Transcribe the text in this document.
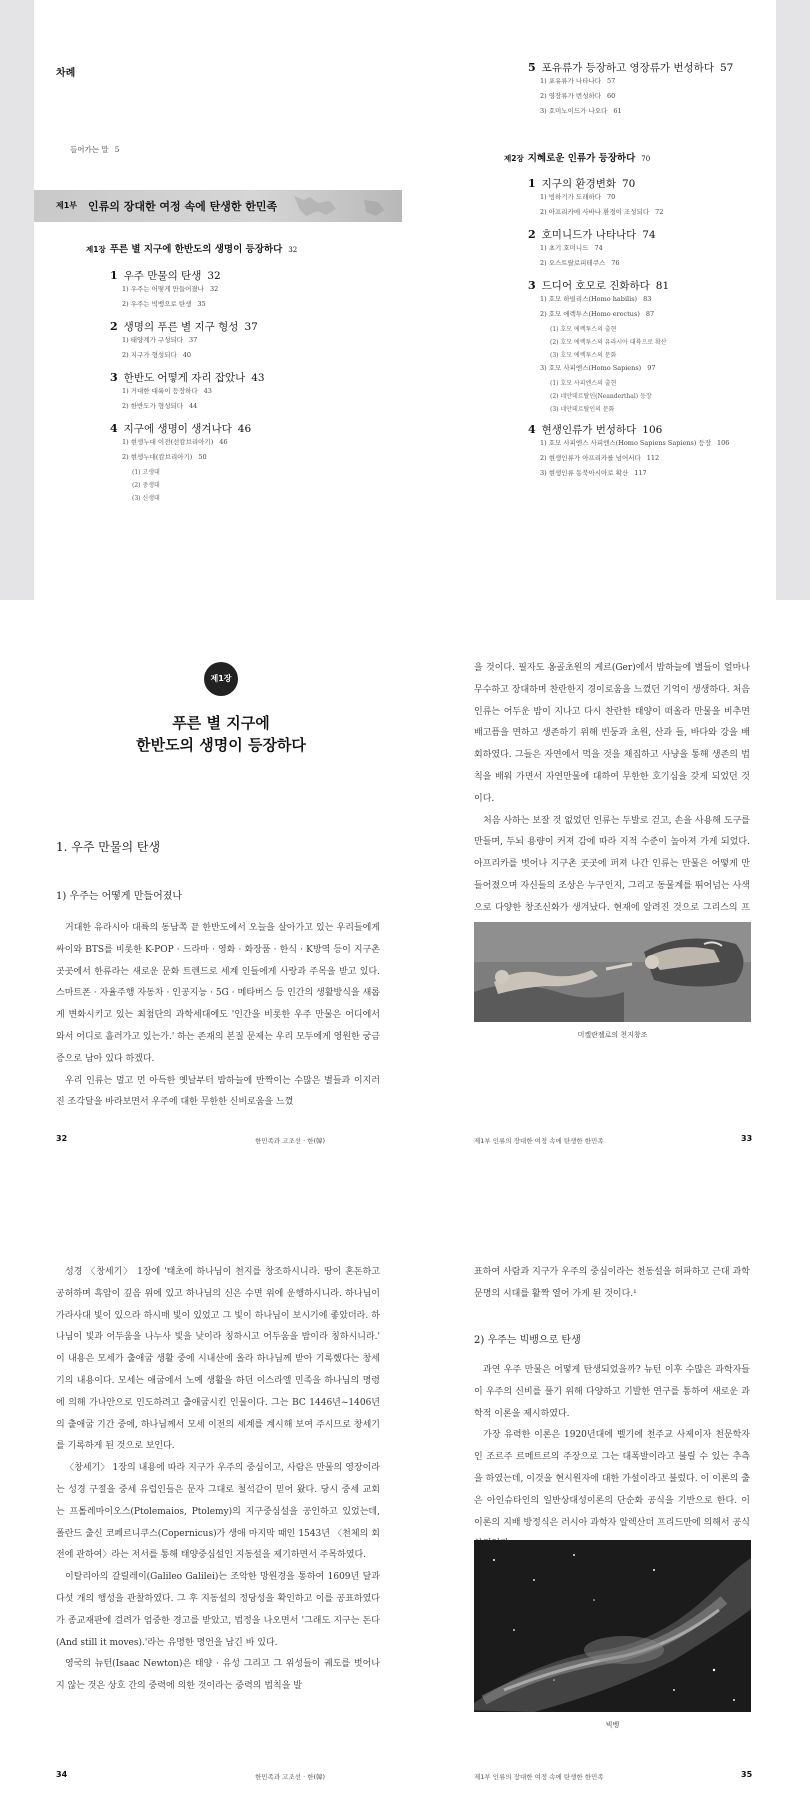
차례
들어가는 말 5
제1부 인류의 장대한 여정 속에 탄생한 한민족
제1장 푸른 별 지구에 한반도의 생명이 등장하다 32
1 우주 만물의 탄생 32
1) 우주는 어떻게 만들어졌나 32
2) 우주는 빅뱅으로 탄생 35
2 생명의 푸른 별 지구 형성 37
1) 태양계가 구성되다 37
2) 지구가 형성되다 40
3 한반도 어떻게 자리 잡았나 43
1) 거대한 대륙이 등장하다 43
2) 한반도가 형성되다 44
4 지구에 생명이 생겨나다 46
1) 현생누대 이전(선캄브리아기) 46
2) 현생누대(캄브리아기) 50
(1) 고생대
(2) 중생대
(3) 신생대
5 포유류가 등장하고 영장류가 번성하다 57
1) 포유류가 나타나다 57
2) 영장류가 번성하다 60
3) 호미노이드가 나오다 61
제2장 지혜로운 인류가 등장하다 70
1 지구의 환경변화 70
1) 빙하기가 도래하다 70
2) 아프리카에 사바나 환경이 조성되다 72
2 호미니드가 나타나다 74
1) 초기 호미니드 74
2) 오스트랄로피테쿠스 76
3 드디어 호모로 진화하다 81
1) 호모 하빌리스(Homo habilis) 83
2) 호모 에렉투스(Homo erectus) 87
(1) 호모 에렉투스의 출현
(2) 호모 에렉투스의 유라시아 대륙으로 확산
(3) 호모 에렉투스의 문화
3) 호모 사피엔스(Homo Sapiens) 97
(1) 호모 사피엔스의 출현
(2) 네안데르탈인(Neanderthal) 등장
(3) 네안데르탈인의 문화
4 현생인류가 번성하다 106
1) 호모 사피엔스 사피엔스(Homo Sapiens Sapiens) 등장 106
2) 현생인류가 아프리카를 넘어서다 112
3) 현생인류 동북아시아로 확산 117
제1장
푸른 별 지구에
한반도의 생명이 등장하다
1. 우주 만물의 탄생
1) 우주는 어떻게 만들어졌나

거대한 유라시아 대륙의 동남쪽 끝 한반도에서 오늘을 살아가고 있는 우리들에게 싸이와 BTS를 비롯한 K-POP · 드라마 · 영화 · 화장품 · 한식 · K방역 등이 지구촌 곳곳에서 한류라는 새로운 문화 트렌드로 세계 인들에게 사랑과 주목을 받고 있다. 스마트폰 · 자율주행 자동차 · 인공지능 · 5G · 메타버스 등 인간의 생활방식을 새롭게 변화시키고 있는 최첨단의 과학세대에도 '인간을 비롯한 우주 만물은 어디에서 와서 어디로 흘러가고 있는가.' 하는 존재의 본질 문제는 우리 모두에게 영원한 궁금증으로 남아 있다 하겠다.

우리 인류는 멀고 먼 아득한 옛날부터 밤하늘에 반짝이는 수많은 별들과 이지러진 조각달을 바라보면서 우주에 대한 무한한 신비로움을 느꼈

을 것이다. 필자도 옹골초원의 게르(Ger)에서 밤하늘에 별들이 얼마나 무수하고 장대하며 찬란한지 경이로움을 느꼈던 기억이 생생하다. 처음 인류는 어두운 밤이 지나고 다시 찬란한 태양이 떠올라 만물을 비추면 배고픔을 면하고 생존하기 위해 빈둥과 초원, 산과 들, 바다와 강을 배회하였다. 그들은 자연에서 먹을 것을 채집하고 사냥을 통해 생존의 법칙을 배워 가면서 자연만물에 대하여 무한한 호기심을 갖게 되었던 것이다.

처음 사하는 보잘 것 없었던 인류는 두발로 걷고, 손을 사용해 도구를 만들며, 두뇌 용량이 커져 감에 따라 지적 수준이 높아져 가게 되었다. 아프리카를 벗어나 지구촌 곳곳에 퍼져 나간 인류는 만물은 어떻게 만들어졌으며 자신들의 조상은 누구인지, 그리고 동물계를 뛰어넘는 사색으로 다양한 창조신화가 생겨났다. 현재에 알려진 것으로 그리스의 프

미켈란젤로의 천지창조
32	한민족과 고조선 · 한(韓)	제1부 인류의 장대한 여정 속에 탄생한 한민족	33

성경 〈창세기〉 1장에 '태초에 하나님이 천지를 창조하시니라. 땅이 혼돈하고 공허하며 흑암이 깊음 위에 있고 하나님의 신은 수면 위에 운행하시니라. 하나님이 가라사대 빛이 있으라 하시매 빛이 있었고 그 빛이 하나님이 보시기에 좋았더라. 하나님이 빛과 어두움을 나누사 빛을 낮이라 칭하시고 어두움을 밤이라 칭하시니라.' 이 내용은 모세가 출애굽 생활 중에 시내산에 올라 하나님께 받아 기록했다는 창세기의 내용이다. 모세는 애굽에서 노예 생활을 하던 이스라엘 민족을 하나님의 명령에 의해 가나안으로 인도하려고 출애굽시킨 인물이다. 그는 BC 1446년~1406년의 출애굽 기간 중에, 하나님께서 모세 이전의 세계를 계시해 보여 주시므로 창세기를 기록하게 된 것으로 보인다.

〈창세기〉 1장의 내용에 따라 지구가 우주의 중심이고, 사람은 만물의 영장이라는 성경 구절을 중세 유럽인들은 문자 그대로 철석같이 믿어 왔다. 당시 중세 교회는 프톨레마이오스(Ptolemaios, Ptolemy)의 지구중심설을 공인하고 있었는데, 폴란드 출신 코페르니쿠스(Copernicus)가 생애 마지막 때인 1543년 〈천체의 회전에 관하여〉라는 저서를 통해 태양중심설인 지동설을 제기하면서 주목하였다.

이탈리아의 갈릴레이(Galileo Galilei)는 조악한 망원경을 통하여 1609년 달과 다섯 개의 행성을 관찰하였다. 그 후 지동설의 정당성을 확인하고 이를 공표하였다가 종교재판에 걸려가 엄중한 경고를 받았고, 법정을 나오면서 '그래도 지구는 돈다(And still it moves).'라는 유명한 명언을 남긴 바 있다.

영국의 뉴턴(Isaac Newton)은 태양 · 유성 그리고 그 위성들이 궤도를 벗어나지 않는 것은 상호 간의 중력에 의한 것이라는 중력의 법칙을 발

표하여 사람과 지구가 우주의 중심이라는 천동설을 허파하고 근대 과학문명의 시대를 활짝 열어 가게 된 것이다.¹

2) 우주는 빅뱅으로 탄생

과연 우주 만물은 어떻게 탄생되었을까? 뉴턴 이후 수많은 과학자들이 우주의 신비를 풀기 위해 다양하고 기발한 연구를 통하여 새로운 과학적 이론을 제시하였다.

가장 유력한 이론은 1920년대에 벨기에 천주교 사제이자 천문학자인 조르주 르메트르의 주장으로 그는 대폭발이라고 불릴 수 있는 추측을 하였는데, 이것을 현시원자에 대한 가설이라고 불렀다. 이 이론의 출은 아인슈타인의 일반상대성이론의 단순화 공식을 기반으로 한다. 이 이론의 지배 방정식은 러시아 과학자 알렉산더 프리드만에 의해서 공식

빅뱅
34	한민족과 고조선 · 한(韓)	제1부 인류의 장대한 여정 속에 탄생한 한민족	35
